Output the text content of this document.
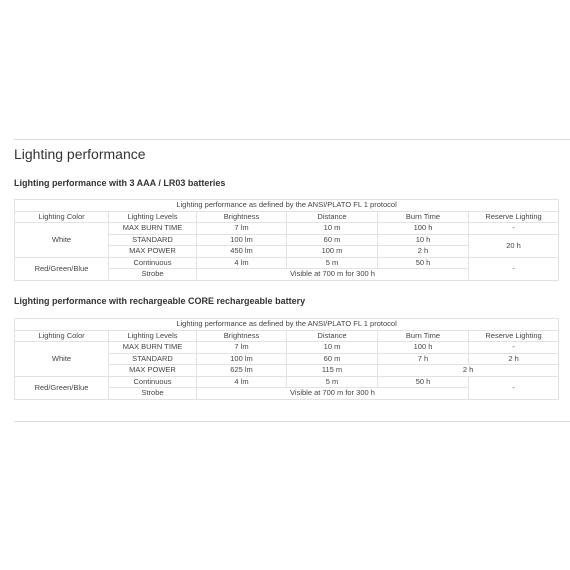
Lighting performance
Lighting performance with 3 AAA / LR03 batteries
Lighting performance as defined by the ANSI/PLATO FL 1 protocol					
Lighting Color	Lighting Levels	Brightness	Distance	Burn Time	Reserve Lighting
White	MAX BURN TIME	7 lm	10 m	100 h	-
	STANDARD	100 lm	60 m	10 h	20 h
	MAX POWER	450 lm	100 m	2 h	
Red/Green/Blue	Continuous	4 lm	5 m	50 h	-
	Strobe	Visible at 700 m for 300 h			
Lighting performance with rechargeable CORE rechargeable battery
Lighting performance as defined by the ANSI/PLATO FL 1 protocol					
Lighting Color	Lighting Levels	Brightness	Distance	Burn Time	Reserve Lighting
White	MAX BURN TIME	7 lm	10 m	100 h	-
	STANDARD	100 lm	60 m	7 h	2 h
	MAX POWER	625 lm	115 m	2 h	
Red/Green/Blue	Continuous	4 lm	5 m	50 h	-
	Strobe	Visible at 700 m for 300 h			
